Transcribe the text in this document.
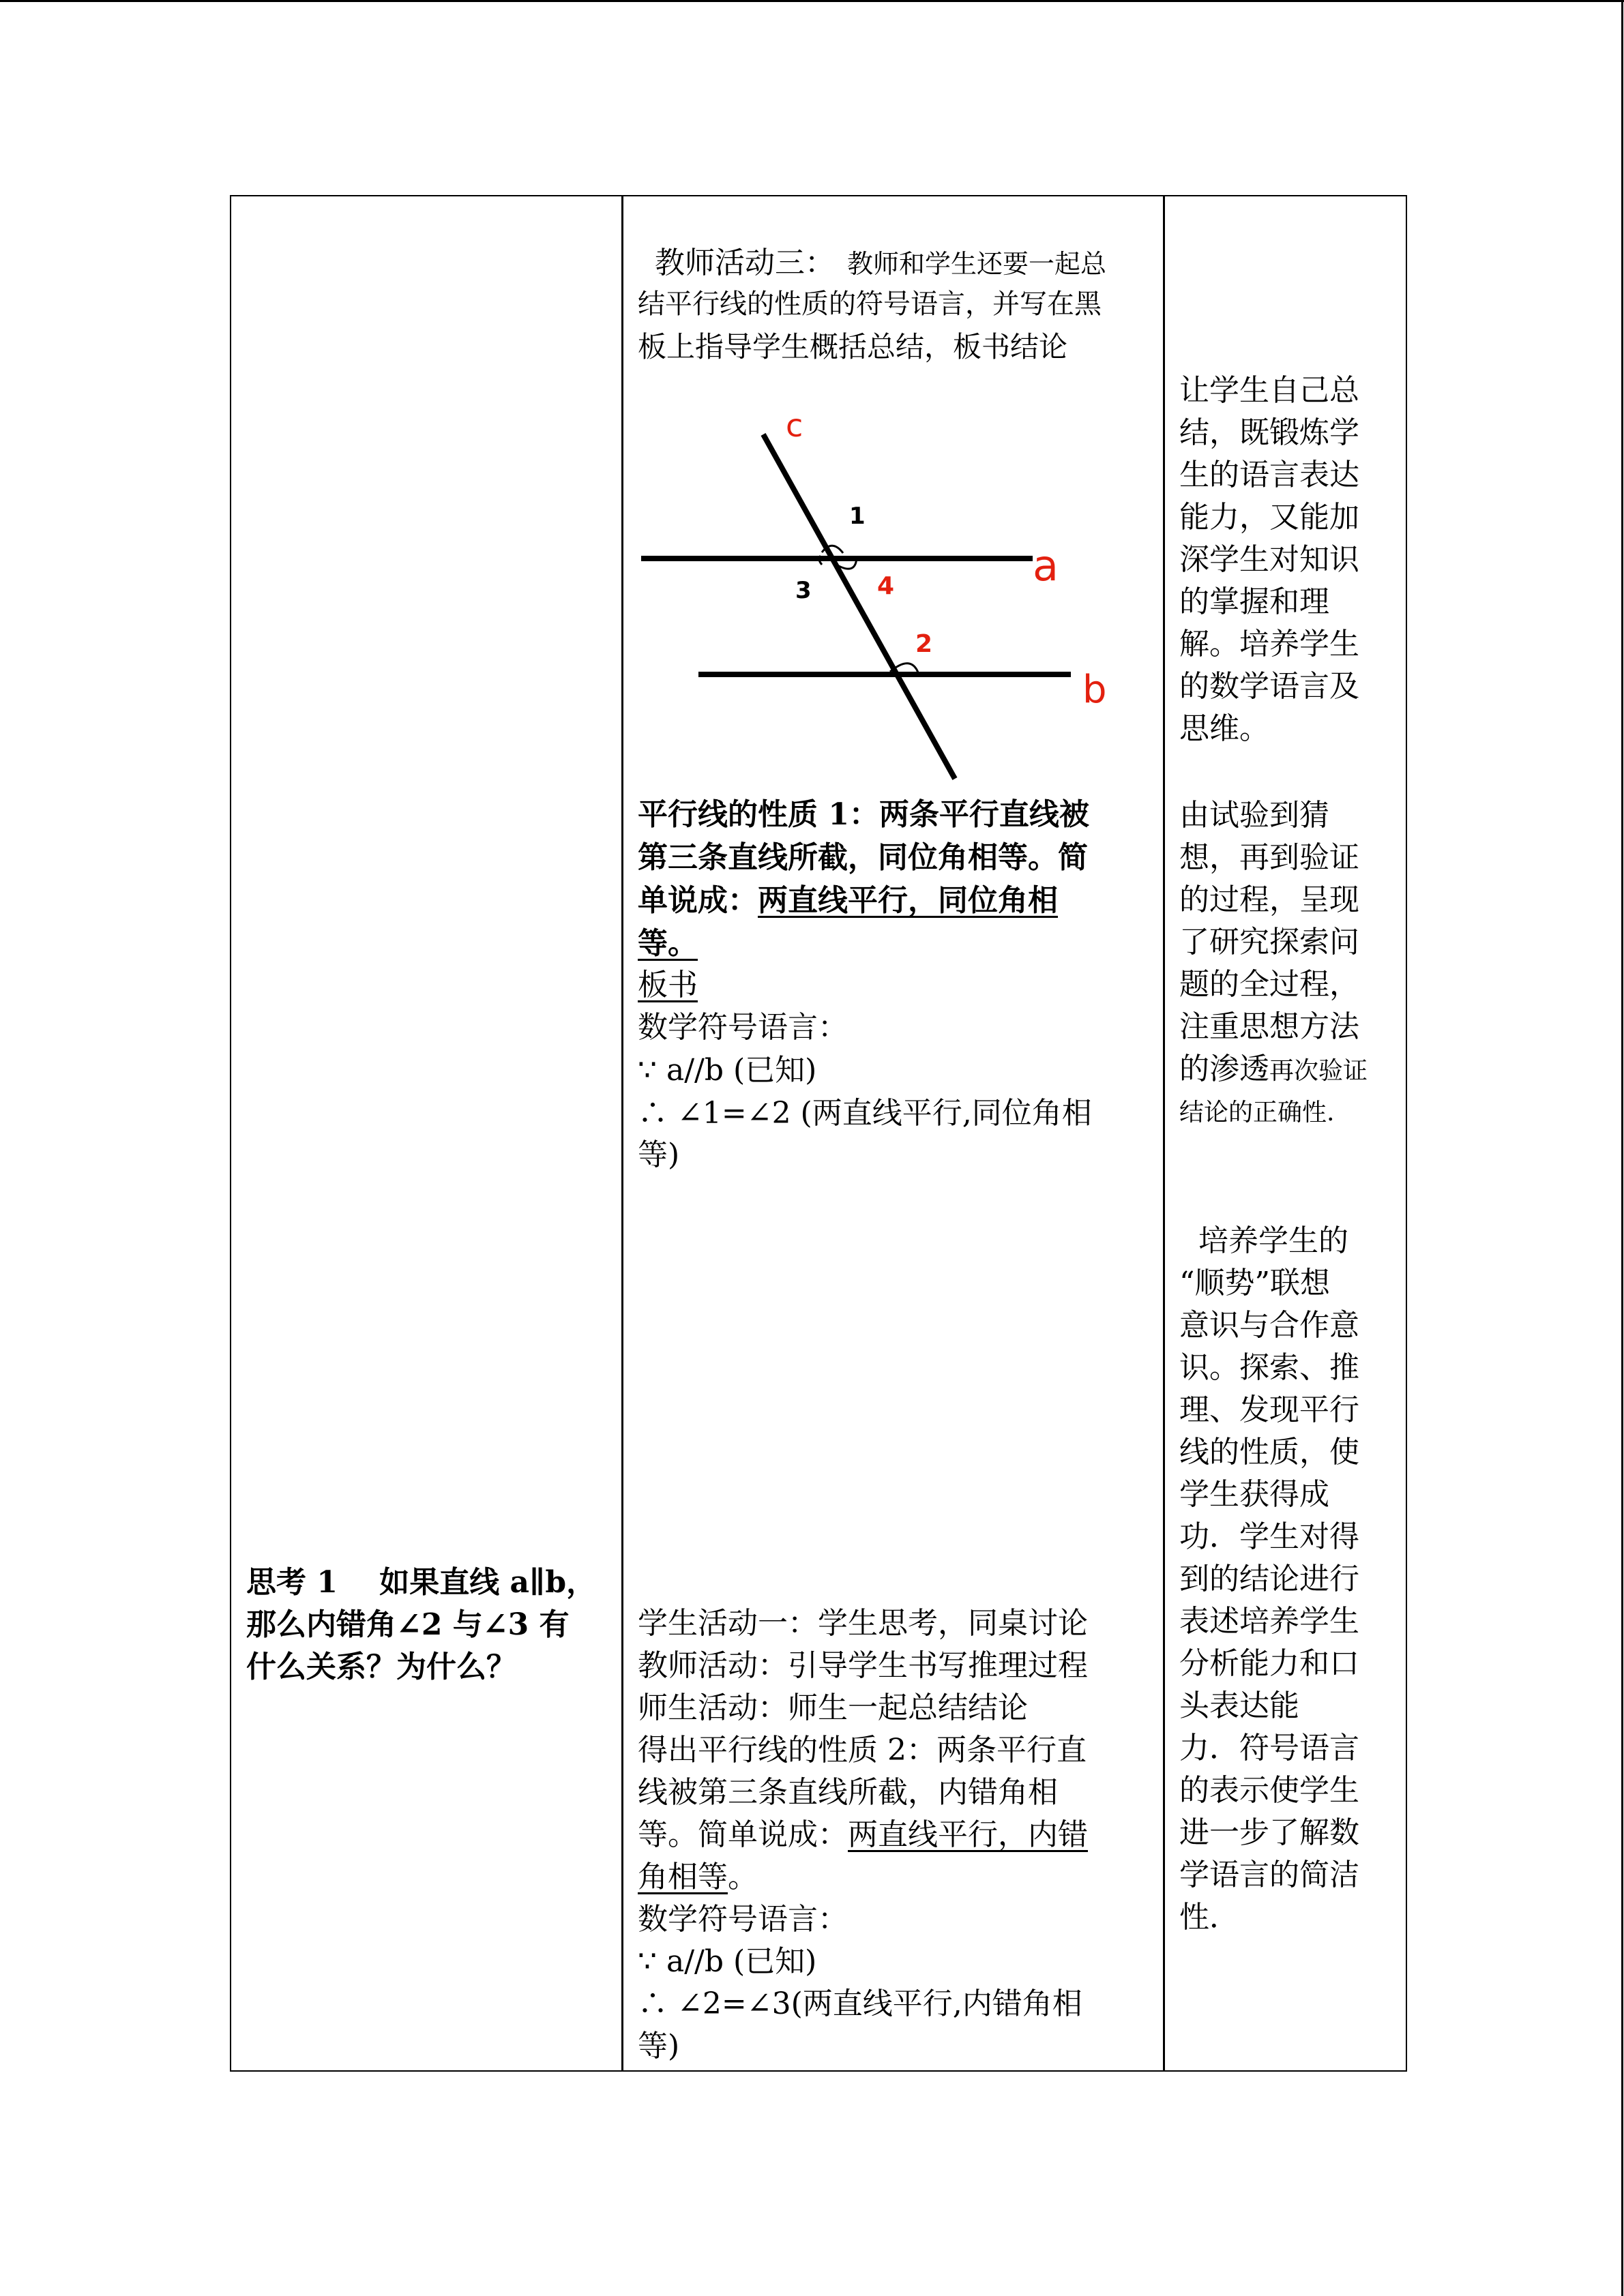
教师活动三： 教师和学生还要一起总
结平行线的性质的符号语言，并写在黑
板上指导学生概括总结，板书结论
c
a
b
1
3	4
2
平行线的性质 1：两条平行直线被
第三条直线所截，同位角相等。简
单说成：两直线平行，同位角相
等。
板书
数学符号语言：
∵ a//b (已知)
∴ ∠1=∠2 (两直线平行,同位角相
等)
让学生自己总
结，既锻炼学
生的语言表达
能力，又能加
深学生对知识
的掌握和理
解。培养学生
的数学语言及
思维。
由试验到猜
想，再到验证
的过程，呈现
了研究探索问
题的全过程，
注重思想方法
的渗透再次验证
结论的正确性.
培养学生的
“顺势”联想
意识与合作意
识。探索、推
理、发现平行
线的性质，使
学生获得成
功．学生对得
到的结论进行
表述培养学生
分析能力和口
头表达能
力．符号语言
的表示使学生
进一步了解数
学语言的简洁
性．
思考 1    如果直线 a∥b，
那么内错角∠2 与∠3 有
什么关系？为什么？
学生活动一：学生思考，同桌讨论
教师活动：引导学生书写推理过程
师生活动：师生一起总结结论
得出平行线的性质 2：两条平行直
线被第三条直线所截，内错角相
等。简单说成：两直线平行，内错
角相等。
数学符号语言：
∵ a//b (已知)
∴ ∠2=∠3(两直线平行,内错角相
等)
